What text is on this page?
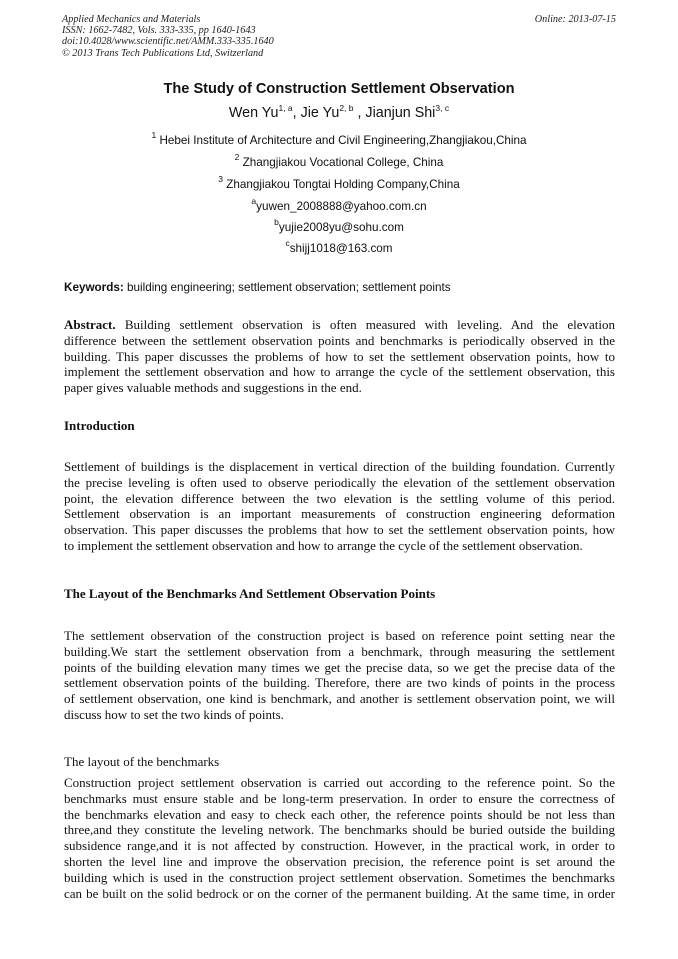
Applied Mechanics and Materials
ISSN: 1662-7482, Vols. 333-335, pp 1640-1643
doi:10.4028/www.scientific.net/AMM.333-335.1640
© 2013 Trans Tech Publications Ltd, Switzerland
Online: 2013-07-15
The Study of Construction Settlement Observation
Wen Yu$^{1, a}$, Jie Yu$^{2, b}$ , Jianjun Shi$^{3, c}$
$^1$ Hebei Institute of Architecture and Civil Engineering,Zhangjiakou,China
$^2$ Zhangjiakou Vocational College, China
$^3$ Zhangjiakou Tongtai Holding Company,China
$^a$yuwen_2008888@yahoo.com.cn
$^b$yujie2008yu@sohu.com
$^c$shijj1018@163.com
Keywords: building engineering; settlement observation; settlement points
Abstract. Building settlement observation is often measured with leveling. And the elevation
difference between the settlement observation points and benchmarks is periodically observed in the
building. This paper discusses the problems of how to set the settlement observation points, how to
implement the settlement observation and how to arrange the cycle of the settlement observation, this
paper gives valuable methods and suggestions in the end.
Introduction
Settlement of buildings is the displacement in vertical direction of the building foundation. Currently
the precise leveling is often used to observe periodically the elevation of the settlement observation
point, the elevation difference between the two elevation is the settling volume of this period.
Settlement observation is an important measurements of construction engineering deformation
observation. This paper discusses the problems that how to set the settlement observation points, how
to implement the settlement observation and how to arrange the cycle of the settlement observation.
The Layout of the Benchmarks And Settlement Observation Points
The settlement observation of the construction project is based on reference point setting near the
building.We start the settlement observation from a benchmark, through measuring the settlement
points of the building elevation many times we get the precise data, so we get the precise data of the
settlement observation points of the building. Therefore, there are two kinds of points in the process
of settlement observation, one kind is benchmark, and another is settlement observation point, we will
discuss how to set the two kinds of points.
The layout of the benchmarks
Construction project settlement observation is carried out according to the reference point. So the
benchmarks must ensure stable and be long-term preservation. In order to ensure the correctness of
the benchmarks elevation and easy to check each other, the reference points should be not less than
three,and they constitute the leveling network. The benchmarks should be buried outside the building
subsidence range,and it is not affected by construction. However, in the practical work, in order to
shorten the level line and improve the observation precision, the reference point is set around the
building which is used in the construction project settlement observation. Sometimes the benchmarks
can be built on the solid bedrock or on the corner of the permanent building. At the same time, in order
